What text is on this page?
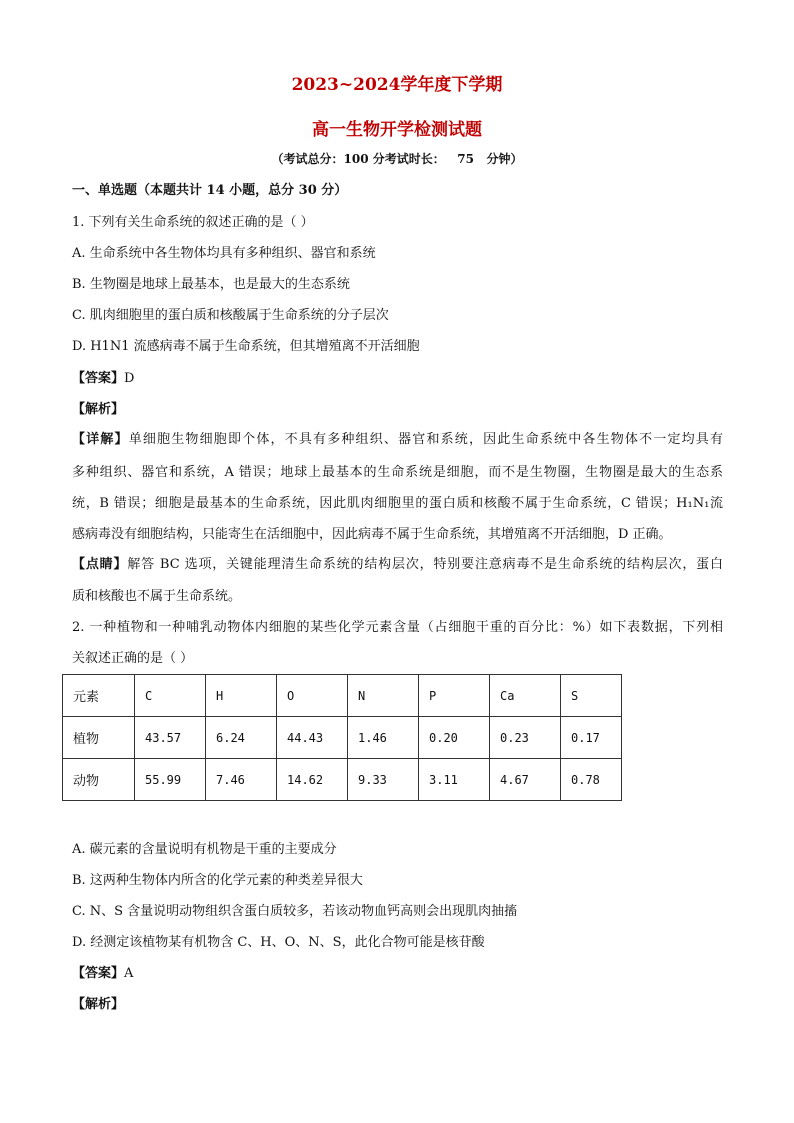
2023~2024学年度下学期
高一生物开学检测试题
（考试总分：100 分考试时长：   75   分钟）
一、单选题（本题共计 14 小题，总分 30 分）
1. 下列有关生命系统的叙述正确的是（ ）
A. 生命系统中各生物体均具有多种组织、器官和系统
B. 生物圈是地球上最基本，也是最大的生态系统
C. 肌肉细胞里的蛋白质和核酸属于生命系统的分子层次
D. H1N1 流感病毒不属于生命系统，但其增殖离不开活细胞
【答案】D
【解析】
【详解】单细胞生物细胞即个体，不具有多种组织、器官和系统，因此生命系统中各生物体不一定均具有
多种组织、器官和系统，A 错误；地球上最基本的生命系统是细胞，而不是生物圈，生物圈是最大的生态系
统，B 错误；细胞是最基本的生命系统，因此肌肉细胞里的蛋白质和核酸不属于生命系统，C 错误；H₁N₁流
感病毒没有细胞结构，只能寄生在活细胞中，因此病毒不属于生命系统，其增殖离不开活细胞，D 正确。
【点睛】解答 BC 选项，关键能理清生命系统的结构层次，特别要注意病毒不是生命系统的结构层次，蛋白
质和核酸也不属于生命系统。
2. 一种植物和一种哺乳动物体内细胞的某些化学元素含量（占细胞干重的百分比：%）如下表数据，下列相
关叙述正确的是（ ）
元素	C	H	O	N	P	Ca	S
植物	43.57	6.24	44.43	1.46	0.20	0.23	0.17
动物	55.99	7.46	14.62	9.33	3.11	4.67	0.78
A. 碳元素的含量说明有机物是干重的主要成分
B. 这两种生物体内所含的化学元素的种类差异很大
C. N、S 含量说明动物组织含蛋白质较多，若该动物血钙高则会出现肌肉抽搐
D. 经测定该植物某有机物含 C、H、O、N、S，此化合物可能是核苷酸
【答案】A
【解析】
